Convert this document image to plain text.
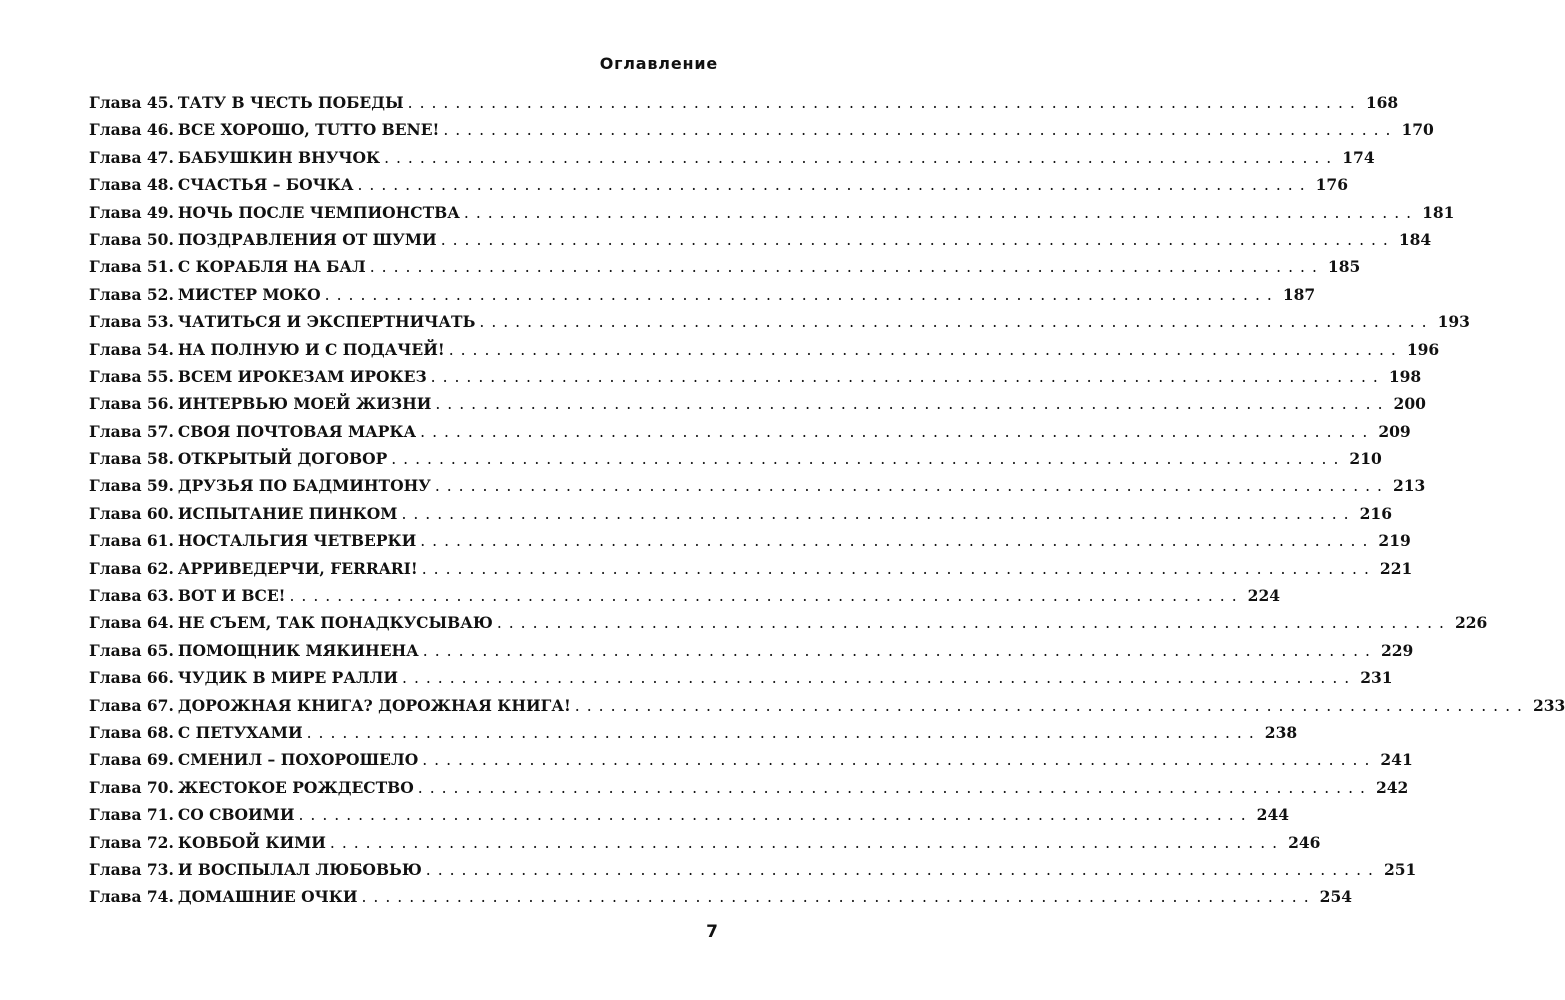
Оглавление
Глава 45. ТАТУ В ЧЕСТЬ ПОБЕДЫ ................................................................................ 168
Глава 46. ВСЕ ХОРОШО, TUTTO BENE! ................................................................................ 170
Глава 47. БАБУШКИН ВНУЧОК ................................................................................ 174
Глава 48. СЧАСТЬЯ – БОЧКА ................................................................................ 176
Глава 49. НОЧЬ ПОСЛЕ ЧЕМПИОНСТВА ................................................................................ 181
Глава 50. ПОЗДРАВЛЕНИЯ ОТ ШУМИ ................................................................................ 184
Глава 51. С КОРАБЛЯ НА БАЛ ................................................................................ 185
Глава 52. МИСТЕР МОКО ................................................................................ 187
Глава 53. ЧАТИТЬСЯ И ЭКСПЕРТНИЧАТЬ ................................................................................ 193
Глава 54. НА ПОЛНУЮ И С ПОДАЧЕЙ! ................................................................................ 196
Глава 55. ВСЕМ ИРОКЕЗАМ ИРОКЕЗ ................................................................................ 198
Глава 56. ИНТЕРВЬЮ МОЕЙ ЖИЗНИ ................................................................................ 200
Глава 57. СВОЯ ПОЧТОВАЯ МАРКА ................................................................................ 209
Глава 58. ОТКРЫТЫЙ ДОГОВОР ................................................................................ 210
Глава 59. ДРУЗЬЯ ПО БАДМИНТОНУ ................................................................................ 213
Глава 60. ИСПЫТАНИЕ ПИНКОМ ................................................................................ 216
Глава 61. НОСТАЛЬГИЯ ЧЕТВЕРКИ ................................................................................ 219
Глава 62. АРРИВЕДЕРЧИ, FERRARI! ................................................................................ 221
Глава 63. ВОТ И ВСЕ! ................................................................................ 224
Глава 64. НЕ СЪЕМ, ТАК ПОНАДКУСЫВАЮ ................................................................................ 226
Глава 65. ПОМОЩНИК МЯКИНЕНА ................................................................................ 229
Глава 66. ЧУДИК В МИРЕ РАЛЛИ ................................................................................ 231
Глава 67. ДОРОЖНАЯ КНИГА? ДОРОЖНАЯ КНИГА! ................................................................................ 233
Глава 68. С ПЕТУХАМИ ................................................................................ 238
Глава 69. СМЕНИЛ – ПОХОРОШЕЛО ................................................................................ 241
Глава 70. ЖЕСТОКОЕ РОЖДЕСТВО ................................................................................ 242
Глава 71. СО СВОИМИ ................................................................................ 244
Глава 72. КОВБОЙ КИМИ ................................................................................ 246
Глава 73. И ВОСПЫЛАЛ ЛЮБОВЬЮ ................................................................................ 251
Глава 74. ДОМАШНИЕ ОЧКИ ................................................................................ 254
7
